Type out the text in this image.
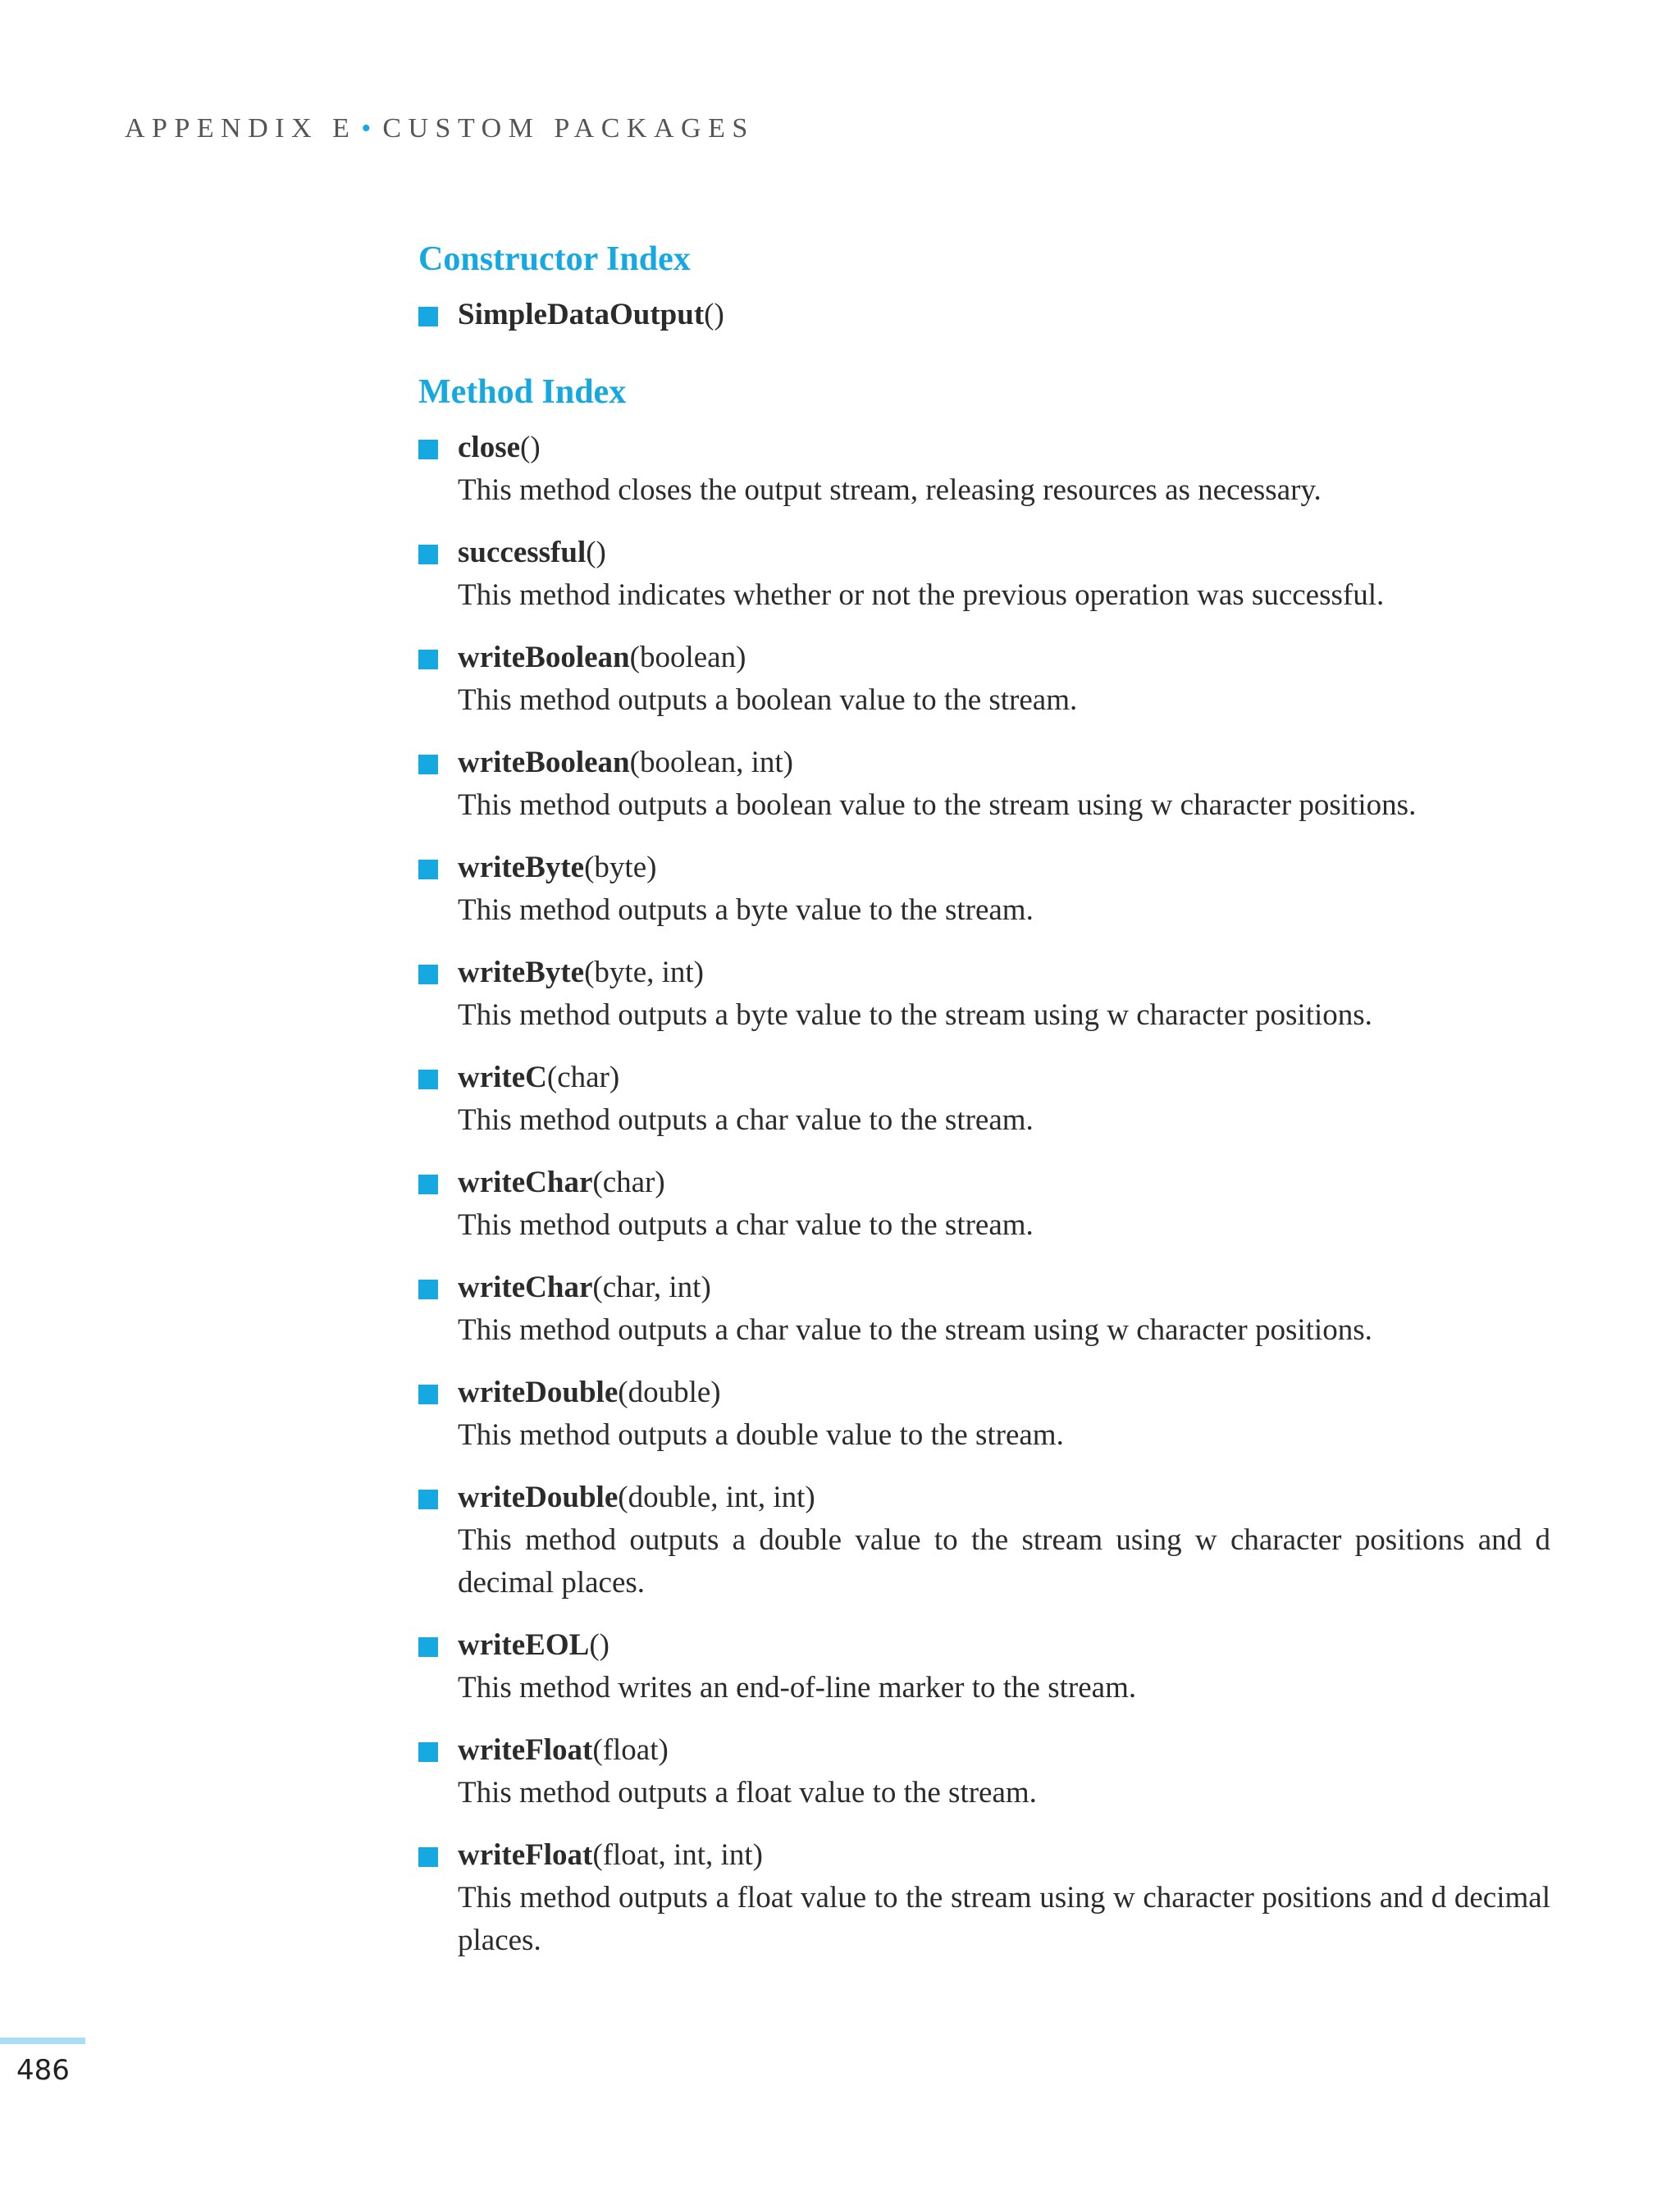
APPENDIX E • CUSTOM PACKAGES
Constructor Index
SimpleDataOutput()
Method Index
close()
This method closes the output stream, releasing resources as necessary.
successful()
This method indicates whether or not the previous operation was successful.
writeBoolean(boolean)
This method outputs a boolean value to the stream.
writeBoolean(boolean, int)
This method outputs a boolean value to the stream using w character positions.
writeByte(byte)
This method outputs a byte value to the stream.
writeByte(byte, int)
This method outputs a byte value to the stream using w character positions.
writeC(char)
This method outputs a char value to the stream.
writeChar(char)
This method outputs a char value to the stream.
writeChar(char, int)
This method outputs a char value to the stream using w character positions.
writeDouble(double)
This method outputs a double value to the stream.
writeDouble(double, int, int)
This method outputs a double value to the stream using w character positions and d decimal places.
writeEOL()
This method writes an end-of-line marker to the stream.
writeFloat(float)
This method outputs a float value to the stream.
writeFloat(float, int, int)
This method outputs a float value to the stream using w character positions and d decimal places.
486
